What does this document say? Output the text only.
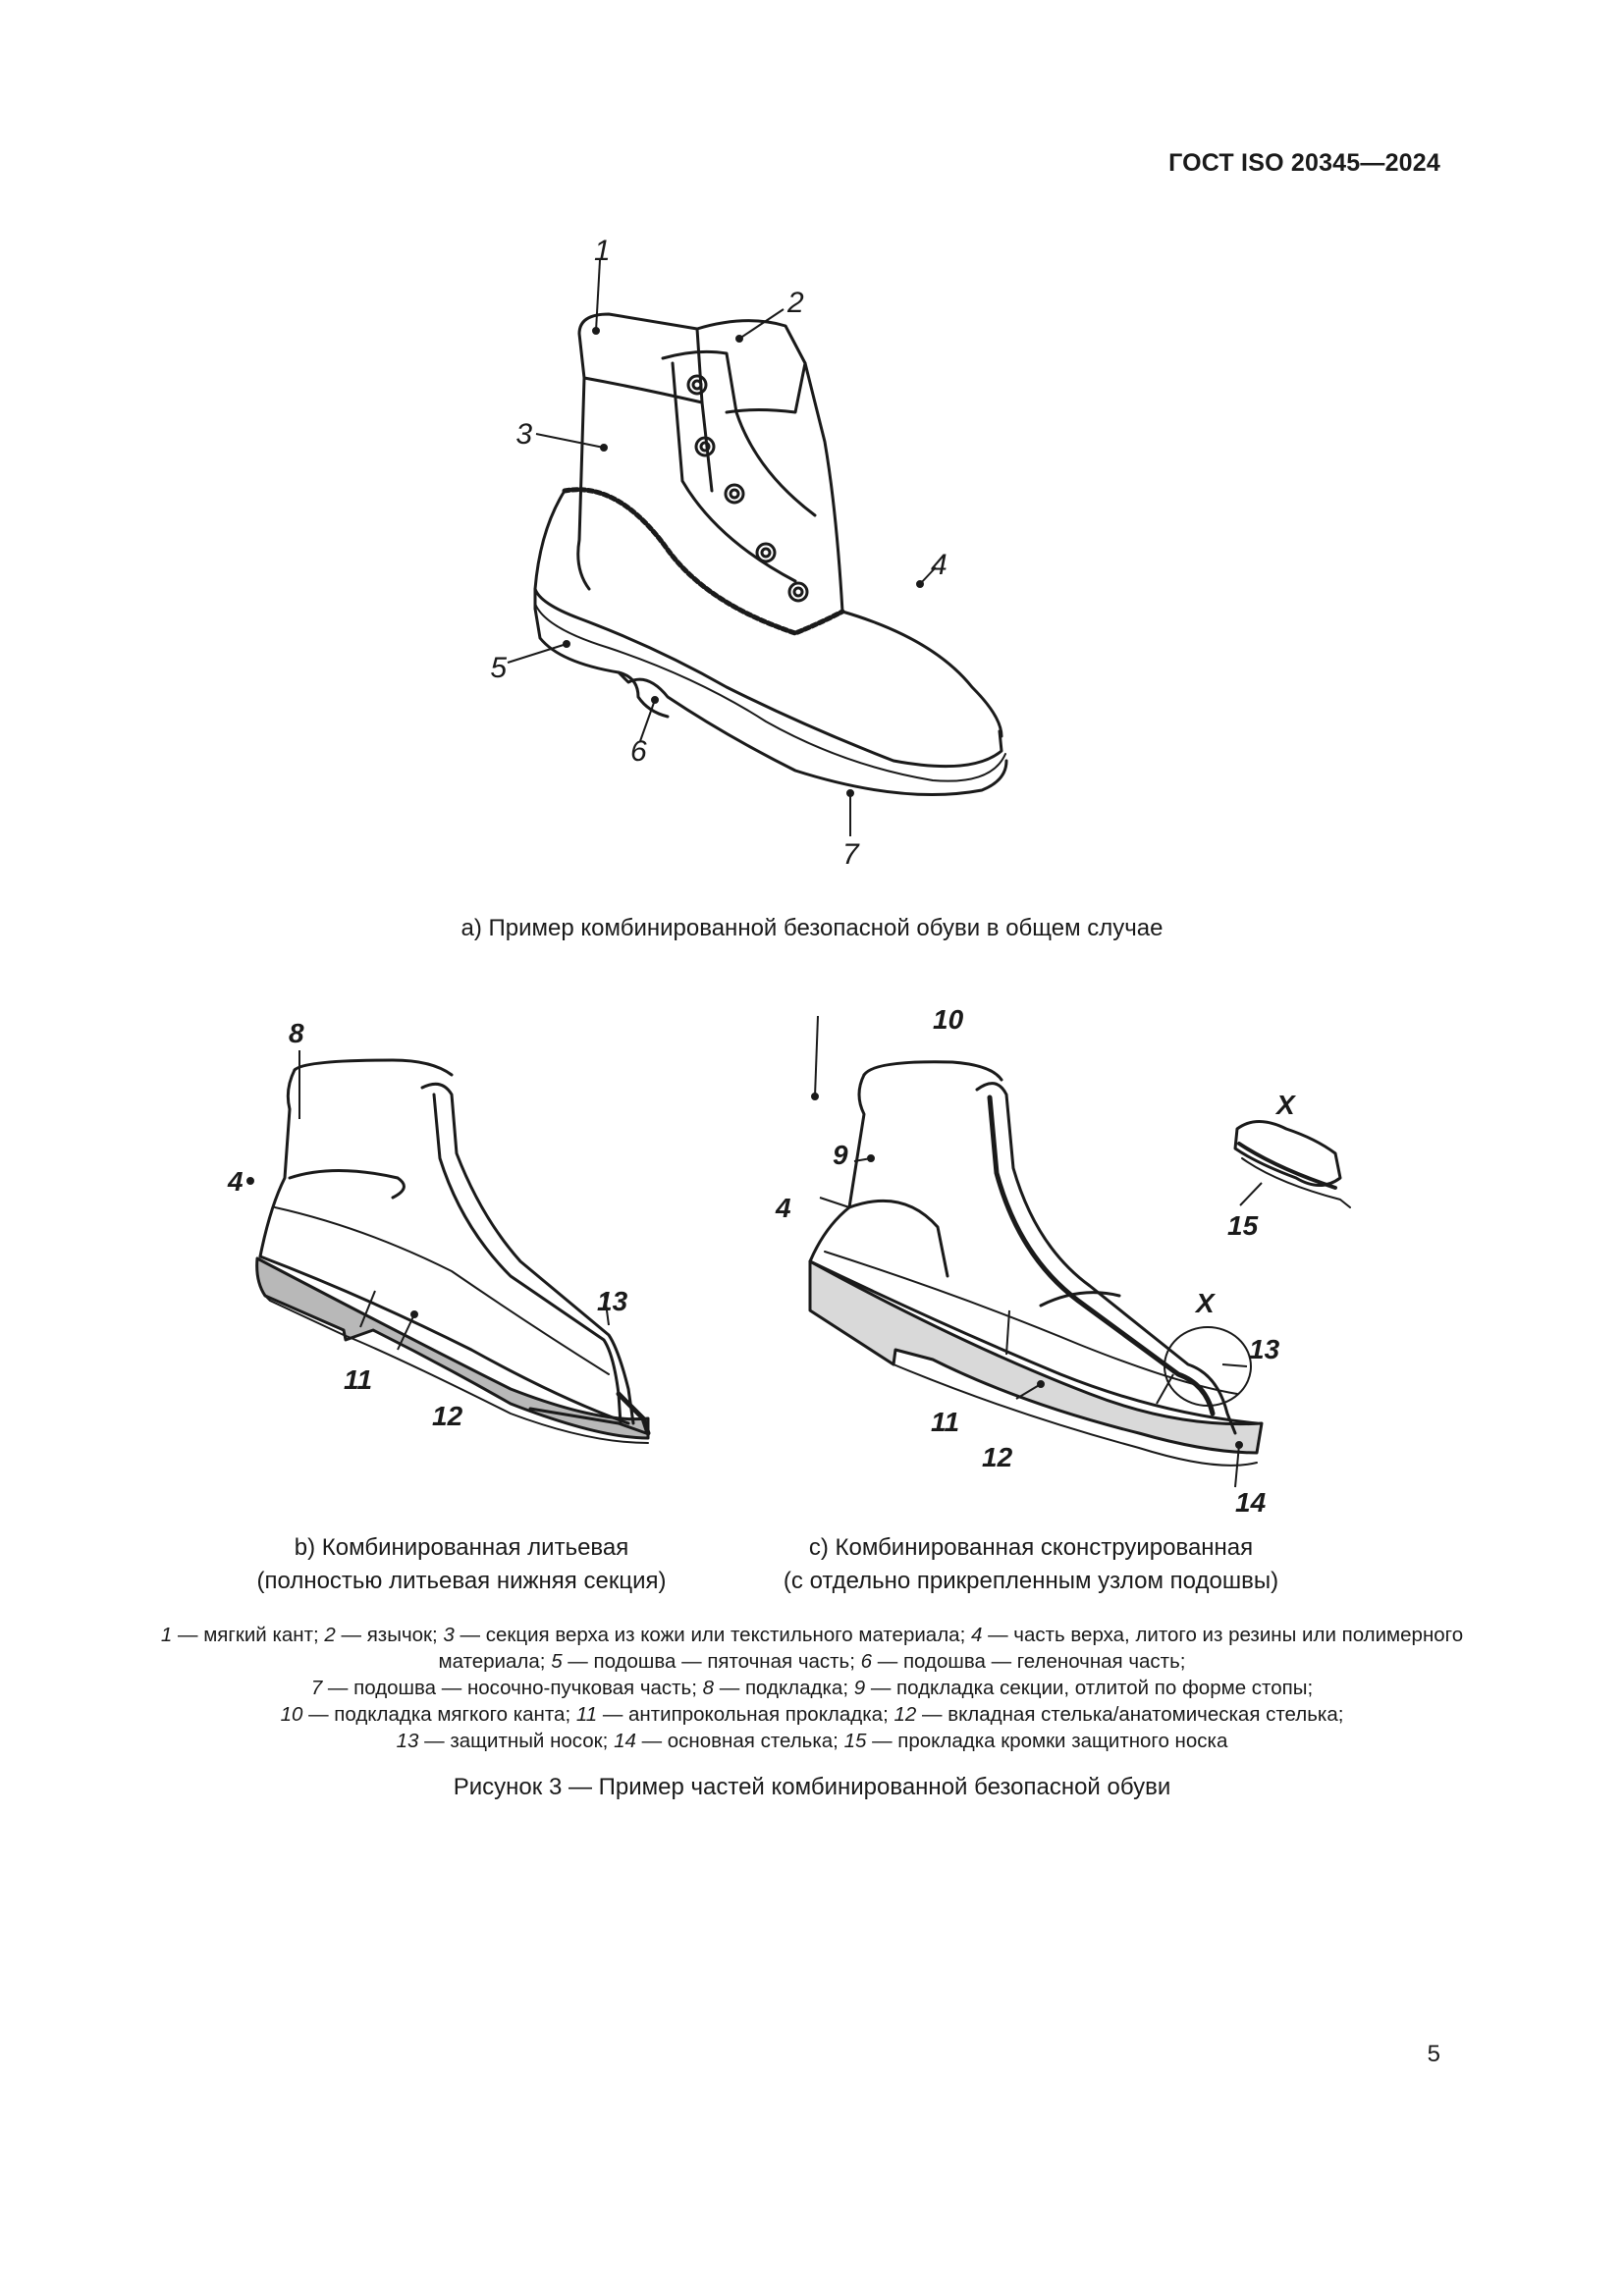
ГОСТ ISO 20345—2024
1
2
3
4
5
6
7
а) Пример комбинированной безопасной обуви в общем случае
8
4
13
11
12
b) Комбинированная литьевая
(полностью литьевая нижняя секция)
10
9
4
X
13
11
12
14
X
15
с) Комбинированная сконструированная
(с отдельно прикрепленным узлом подошвы)
1 — мягкий кант; 2 — язычок; 3 — секция верха из кожи или текстильного материала; 4 — часть верха, литого из резины или полимерного материала; 5 — подошва — пяточная часть; 6 — подошва — геленочная часть;
7 — подошва — носочно-пучковая часть; 8 — подкладка; 9 — подкладка секции, отлитой по форме стопы;
10 — подкладка мягкого канта; 11 — антипрокольная прокладка; 12 — вкладная стелька/анатомическая стелька;
13 — защитный носок; 14 — основная стелька; 15 — прокладка кромки защитного носка
Рисунок 3 — Пример частей комбинированной безопасной обуви
5
